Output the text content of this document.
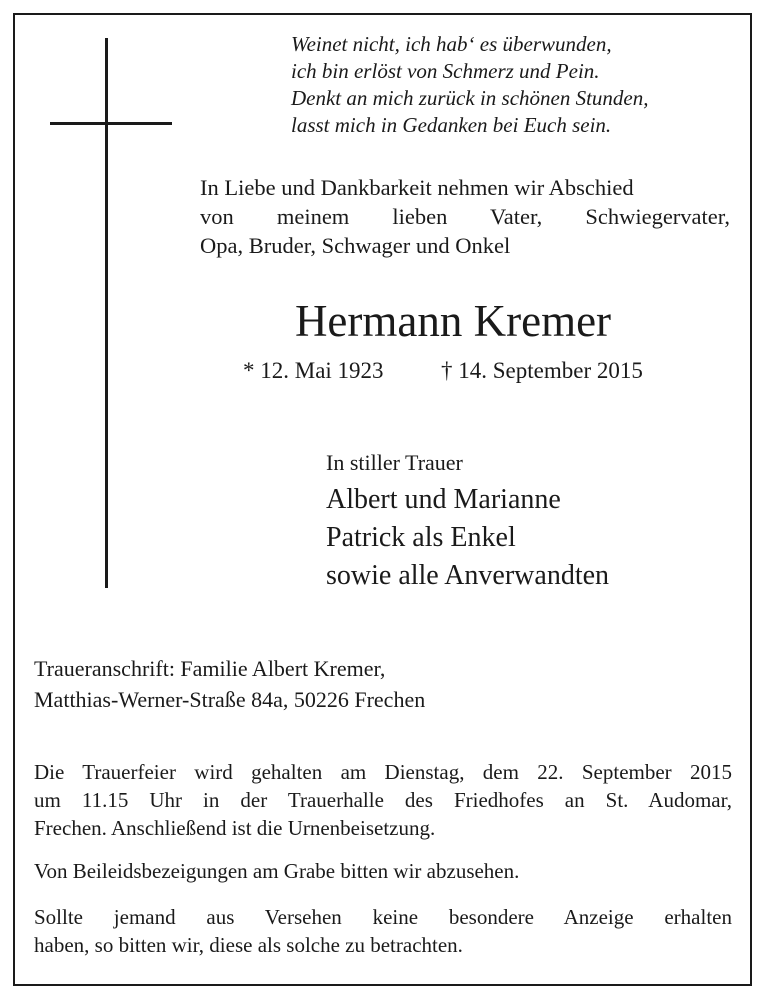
Weinet nicht, ich hab‘ es überwunden,
ich bin erlöst von Schmerz und Pein.
Denkt an mich zurück in schönen Stunden,
lasst mich in Gedanken bei Euch sein.
In Liebe und Dankbarkeit nehmen wir Abschied
von meinem lieben Vater, Schwiegervater,
Opa, Bruder, Schwager und Onkel
Hermann Kremer
* 12. Mai 1923 † 14. September 2015
In stiller Trauer
Albert und Marianne
Patrick als Enkel
sowie alle Anverwandten
Traueranschrift: Familie Albert Kremer,
Matthias-Werner-Straße 84a, 50226 Frechen
Die Trauerfeier wird gehalten am Dienstag, dem 22. September 2015
um 11.15 Uhr in der Trauerhalle des Friedhofes an St. Audomar,
Frechen. Anschließend ist die Urnenbeisetzung.
Von Beileidsbezeigungen am Grabe bitten wir abzusehen.
Sollte jemand aus Versehen keine besondere Anzeige erhalten
haben, so bitten wir, diese als solche zu betrachten.
